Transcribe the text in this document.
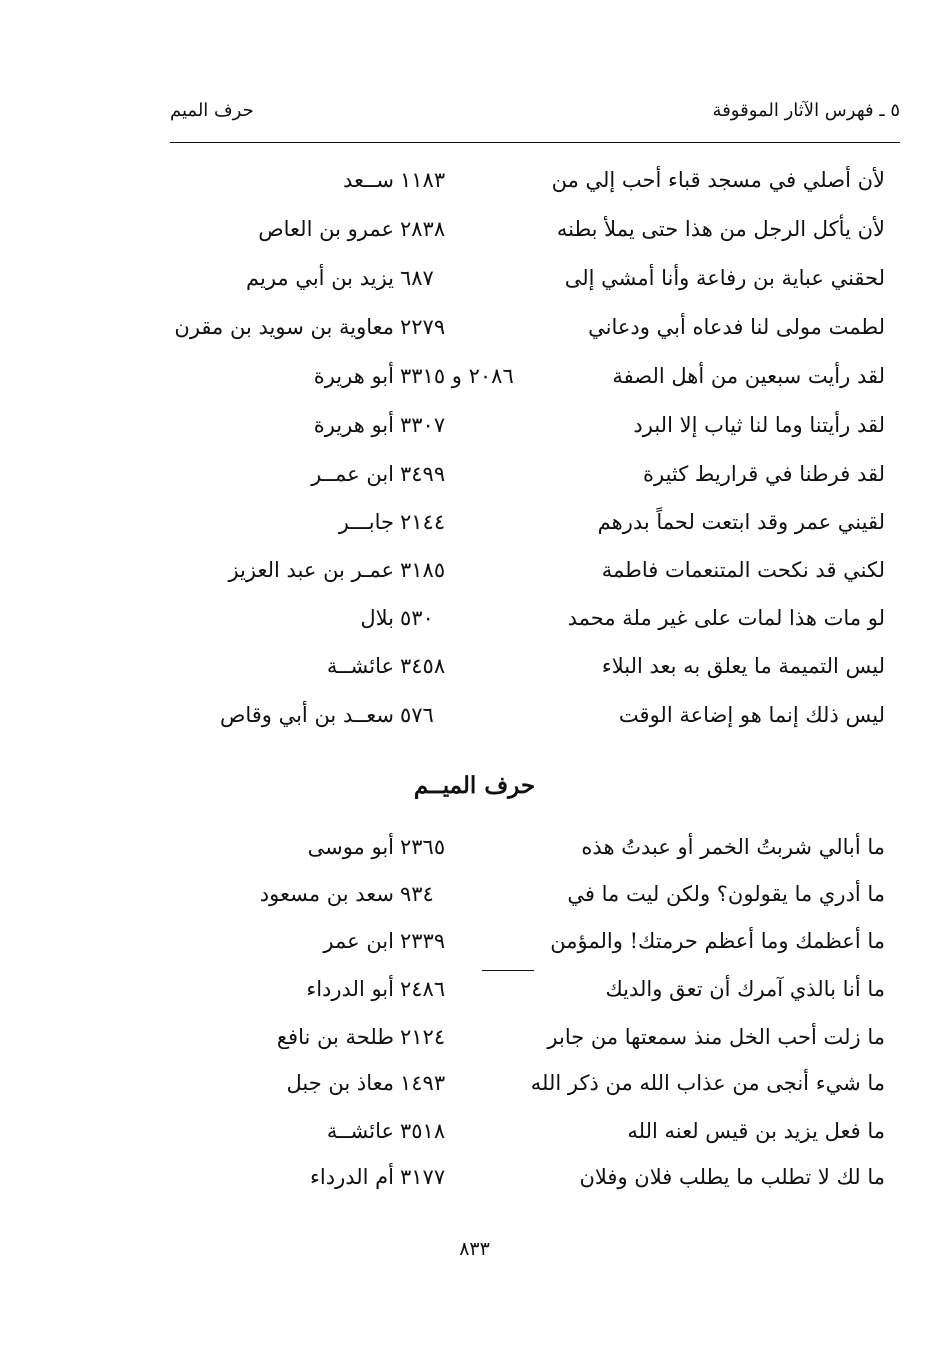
٥ ـ فهرس الآثار الموقوفة
حرف الميم
لأن أصلي في مسجد قباء أحب إلي من
١١٨٣
ســعد
لأن يأكل الرجل من هذا حتى يملأ بطنه
٢٨٣٨
عمرو بن العاص
لحقني عباية بن رفاعة وأنا أمشي إلى
٦٨٧
يزيد بن أبي مريم
لطمت مولى لنا فدعاه أبي ودعاني
٢٢٧٩
معاوية بن سويد بن مقرن
لقد رأيت سبعين من أهل الصفة
٢٠٨٦ و ٣٣١٥
أبو هريرة
لقد رأيتنا وما لنا ثياب إلا البرد
٣٣٠٧
أبو هريرة
لقد فرطنا في قراريط كثيرة
٣٤٩٩
ابن عمــر
لقيني عمر وقد ابتعت لحماً بدرهم
٢١٤٤
جابـــر
لكني قد نكحت المتنعمات فاطمة
٣١٨٥
عمـر بن عبد العزيز
لو مات هذا لمات على غير ملة محمد
٥٣٠
بلال
ليس التميمة ما يعلق به بعد البلاء
٣٤٥٨
عائشــة
ليس ذلك إنما هو إضاعة الوقت
٥٧٦
سعــد بن أبي وقاص
حرف الميــم
ما أبالي شربتُ الخمر أو عبدتُ هذه
٢٣٦٥
أبو موسى
ما أدري ما يقولون؟ ولكن ليت ما في
٩٣٤
سعد بن مسعود
ما أعظمك وما أعظم حرمتك! والمؤمن
٢٣٣٩
ابن عمر
ما أنا بالذي آمرك أن تعق والديك
٢٤٨٦
أبو الدرداء
ما زلت أحب الخل منذ سمعتها من جابر
٢١٢٤
طلحة بن نافع
ما شيء أنجى من عذاب الله من ذكر الله
١٤٩٣
معاذ بن جبل
ما فعل يزيد بن قيس لعنه الله
٣٥١٨
عائشــة
ما لك لا تطلب ما يطلب فلان وفلان
٣١٧٧
أم الدرداء
٨٣٣
